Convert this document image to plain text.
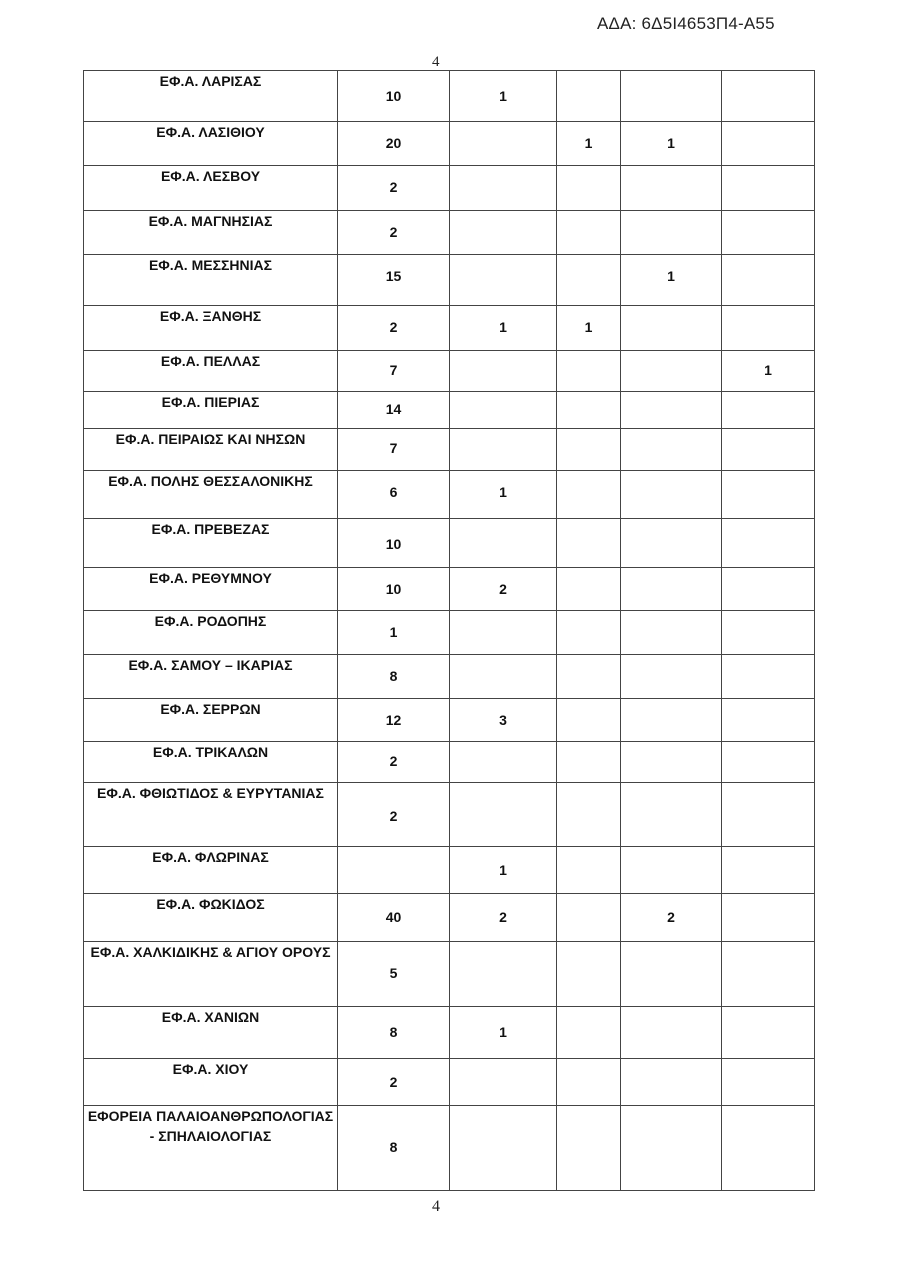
ΑΔΑ: 6Δ5Ι4653Π4-Α55
4
ΕΦ.Α. ΛΑΡΙΣΑΣ	10	1			

ΕΦ.Α. ΛΑΣΙΘΙΟΥ	20		1	1	

ΕΦ.Α. ΛΕΣΒΟΥ	2				

ΕΦ.Α. ΜΑΓΝΗΣΙΑΣ	2				

ΕΦ.Α. ΜΕΣΣΗΝΙΑΣ	15			1	

ΕΦ.Α. ΞΑΝΘΗΣ	2	1	1		

ΕΦ.Α. ΠΕΛΛΑΣ	7				1

ΕΦ.Α. ΠΙΕΡΙΑΣ	14				

ΕΦ.Α. ΠΕΙΡΑΙΩΣ ΚΑΙ ΝΗΣΩΝ	7				

ΕΦ.Α. ΠΟΛΗΣ ΘΕΣΣΑΛΟΝΙΚΗΣ	6	1			

ΕΦ.Α. ΠΡΕΒΕΖΑΣ	10				

ΕΦ.Α. ΡΕΘΥΜΝΟΥ	10	2			

ΕΦ.Α. ΡΟΔΟΠΗΣ	1				

ΕΦ.Α. ΣΑΜΟΥ – ΙΚΑΡΙΑΣ	8				

ΕΦ.Α. ΣΕΡΡΩΝ	12	3			

ΕΦ.Α. ΤΡΙΚΑΛΩΝ	2				

ΕΦ.Α. ΦΘΙΩΤΙΔΟΣ & ΕΥΡΥΤΑΝΙΑΣ	2				

ΕΦ.Α. ΦΛΩΡΙΝΑΣ		1			

ΕΦ.Α. ΦΩΚΙΔΟΣ	40	2		2	

ΕΦ.Α. ΧΑΛΚΙΔΙΚΗΣ & ΑΓΙΟΥ ΟΡΟΥΣ	5				

ΕΦ.Α. ΧΑΝΙΩΝ	8	1			

ΕΦ.Α. ΧΙΟΥ	2				

ΕΦΟΡΕΙΑ ΠΑΛΑΙΟΑΝΘΡΩΠΟΛΟΓΙΑΣ - ΣΠΗΛΑΙΟΛΟΓΙΑΣ	8				

4
